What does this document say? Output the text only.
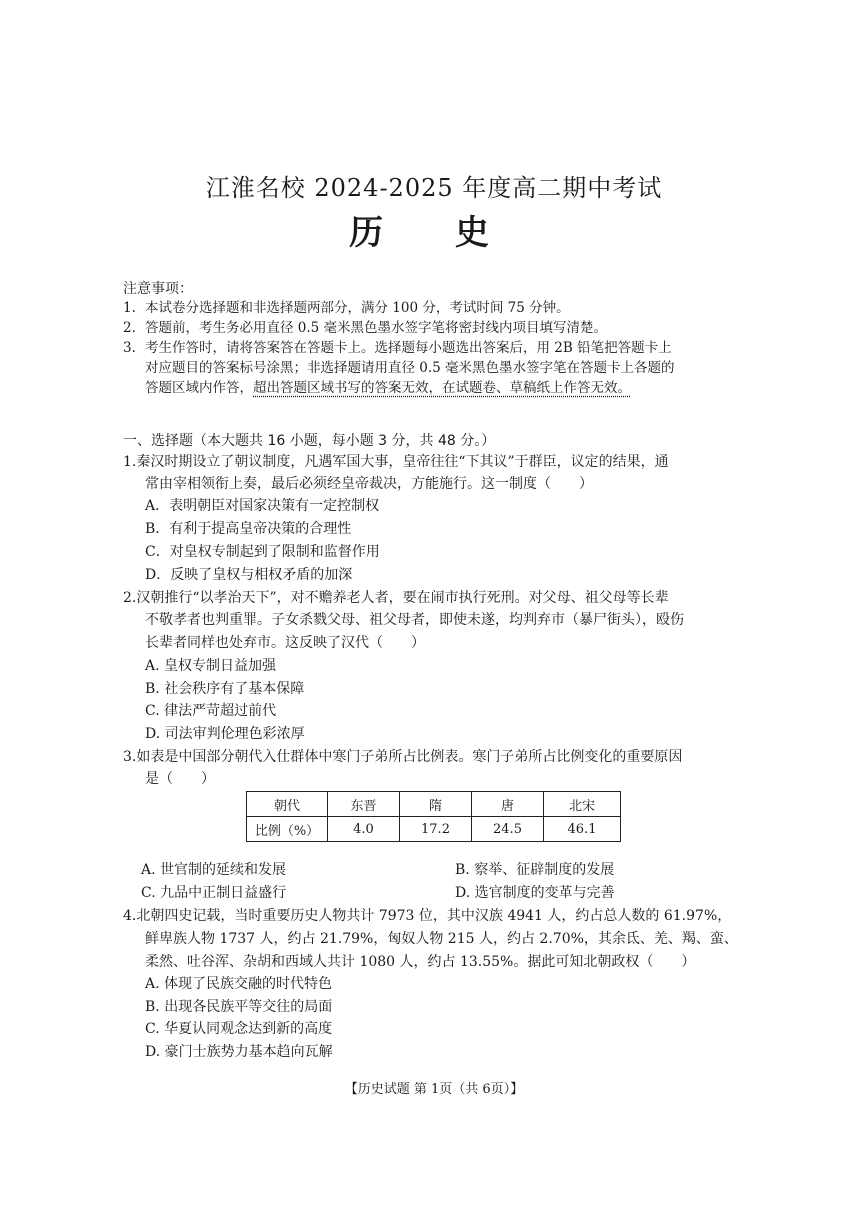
江淮名校 2024-2025 年度高二期中考试
历 史
注意事项：
1. 本试卷分选择题和非选择题两部分，满分 100 分，考试时间 75 分钟。
2. 答题前，考生务必用直径 0.5 毫米黑色墨水签字笔将密封线内项目填写清楚。
3. 考生作答时，请将答案答在答题卡上。选择题每小题选出答案后，用 2B 铅笔把答题卡上
对应题目的答案标号涂黑；非选择题请用直径 0.5 毫米黑色墨水签字笔在答题卡上各题的
答题区域内作答，超出答题区域书写的答案无效，在试题卷、草稿纸上作答无效。
一、选择题（本大题共 16 小题，每小题 3 分，共 48 分。）
1.秦汉时期设立了朝议制度，凡遇军国大事，皇帝往往“下其议”于群臣，议定的结果，通
常由宰相领衔上奏，最后必须经皇帝裁决，方能施行。这一制度（　　）
A．表明朝臣对国家决策有一定控制权
B．有利于提高皇帝决策的合理性
C．对皇权专制起到了限制和监督作用
D．反映了皇权与相权矛盾的加深
2.汉朝推行“以孝治天下”，对不赡养老人者，要在闹市执行死刑。对父母、祖父母等长辈
不敬孝者也判重罪。子女杀戮父母、祖父母者，即使未遂，均判弃市（暴尸街头），殴伤
长辈者同样也处弃市。这反映了汉代（　　）
A. 皇权专制日益加强
B. 社会秩序有了基本保障
C. 律法严苛超过前代
D. 司法审判伦理色彩浓厚
3.如表是中国部分朝代入仕群体中寒门子弟所占比例表。寒门子弟所占比例变化的重要原因
是（　　）
朝代	东晋	隋	唐	北宋
比例（%）	4.0	17.2	24.5	46.1
A. 世官制的延续和发展	B. 察举、征辟制度的发展
C. 九品中正制日益盛行	D. 选官制度的变革与完善
4.北朝四史记载，当时重要历史人物共计 7973 位，其中汉族 4941 人，约占总人数的 61.97%，
鲜卑族人物 1737 人，约占 21.79%，匈奴人物 215 人，约占 2.70%，其余氐、羌、羯、蛮、
柔然、吐谷浑、杂胡和西域人共计 1080 人，约占 13.55%。据此可知北朝政权（　　）
A. 体现了民族交融的时代特色
B. 出现各民族平等交往的局面
C. 华夏认同观念达到新的高度
D. 豪门士族势力基本趋向瓦解
【历史试题 第 1页（共 6页）】
